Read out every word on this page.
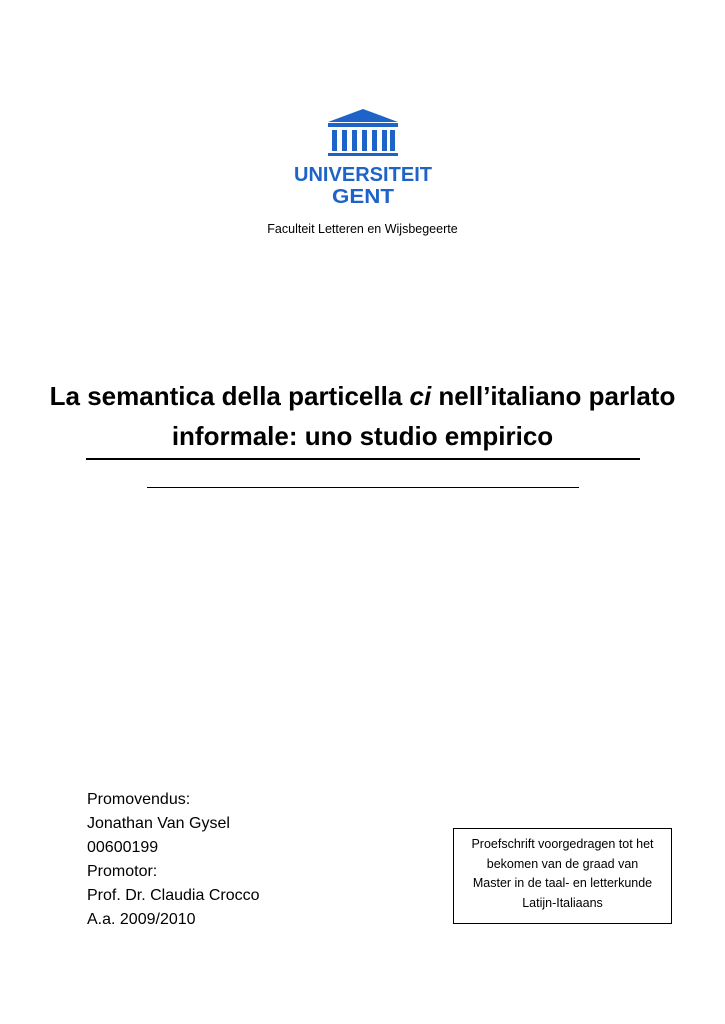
UNIVERSITEIT
GENT
Faculteit Letteren en Wijsbegeerte
La semantica della particella ci nell’italiano parlato informale: uno studio empirico
Promovendus:
Jonathan Van Gysel
00600199
Promotor:
Prof. Dr. Claudia Crocco
A.a. 2009/2010
Proefschrift voorgedragen tot het
bekomen van de graad van
Master in de taal- en letterkunde
Latijn-Italiaans
